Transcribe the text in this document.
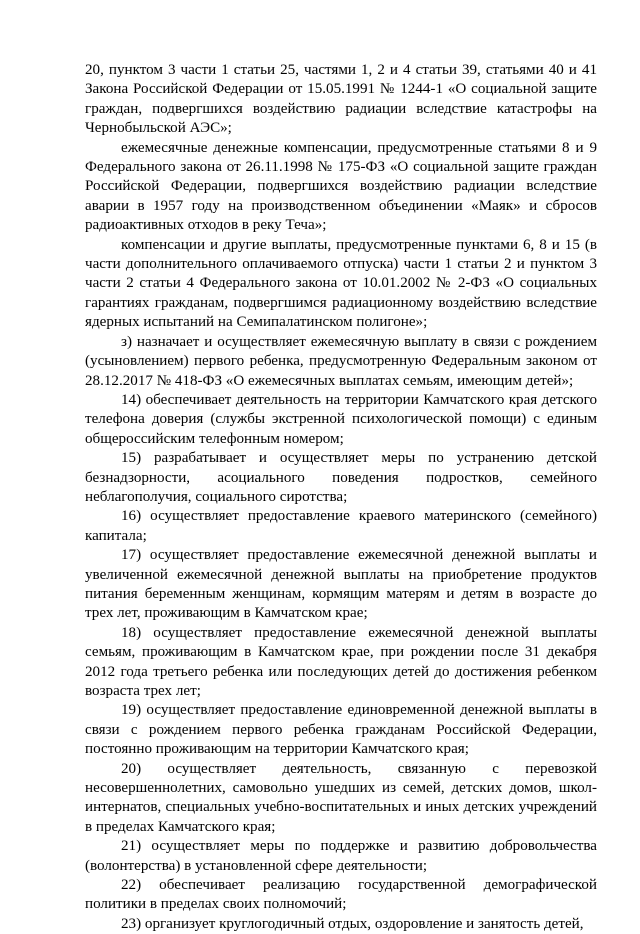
20, пунктом 3 части 1 статьи 25, частями 1, 2 и 4 статьи 39, статьями 40 и 41 Закона Российской Федерации от 15.05.1991 № 1244-1 «О социальной защите граждан, подвергшихся воздействию радиации вследствие катастрофы на Чернобыльской АЭС»;

ежемесячные денежные компенсации, предусмотренные статьями 8 и 9 Федерального закона от 26.11.1998 № 175-ФЗ «О социальной защите граждан Российской Федерации, подвергшихся воздействию радиации вследствие аварии в 1957 году на производственном объединении «Маяк» и сбросов радиоактивных отходов в реку Теча»;

компенсации и другие выплаты, предусмотренные пунктами 6, 8 и 15 (в части дополнительного оплачиваемого отпуска) части 1 статьи 2 и пунктом 3 части 2 статьи 4 Федерального закона от 10.01.2002 № 2-ФЗ «О социальных гарантиях гражданам, подвергшимся радиационному воздействию вследствие ядерных испытаний на Семипалатинском полигоне»;

з) назначает и осуществляет ежемесячную выплату в связи с рождением (усыновлением) первого ребенка, предусмотренную Федеральным законом от 28.12.2017 № 418-ФЗ «О ежемесячных выплатах семьям, имеющим детей»;

14) обеспечивает деятельность на территории Камчатского края детского телефона доверия (службы экстренной психологической помощи) с единым общероссийским телефонным номером;

15) разрабатывает и осуществляет меры по устранению детской безнадзорности, асоциального поведения подростков, семейного неблагополучия, социального сиротства;

16) осуществляет предоставление краевого материнского (семейного) капитала;

17) осуществляет предоставление ежемесячной денежной выплаты и увеличенной ежемесячной денежной выплаты на приобретение продуктов питания беременным женщинам, кормящим матерям и детям в возрасте до трех лет, проживающим в Камчатском крае;

18) осуществляет предоставление ежемесячной денежной выплаты семьям, проживающим в Камчатском крае, при рождении после 31 декабря 2012 года третьего ребенка или последующих детей до достижения ребенком возраста трех лет;

19) осуществляет предоставление единовременной денежной выплаты в связи с рождением первого ребенка гражданам Российской Федерации, постоянно проживающим на территории Камчатского края;

20) осуществляет деятельность, связанную с перевозкой несовершеннолетних, самовольно ушедших из семей, детских домов, школ-интернатов, специальных учебно-воспитательных и иных детских учреждений в пределах Камчатского края;

21) осуществляет меры по поддержке и развитию добровольчества (волонтерства) в установленной сфере деятельности;

22) обеспечивает реализацию государственной демографической политики в пределах своих полномочий;

23) организует круглогодичный отдых, оздоровление и занятость детей,
